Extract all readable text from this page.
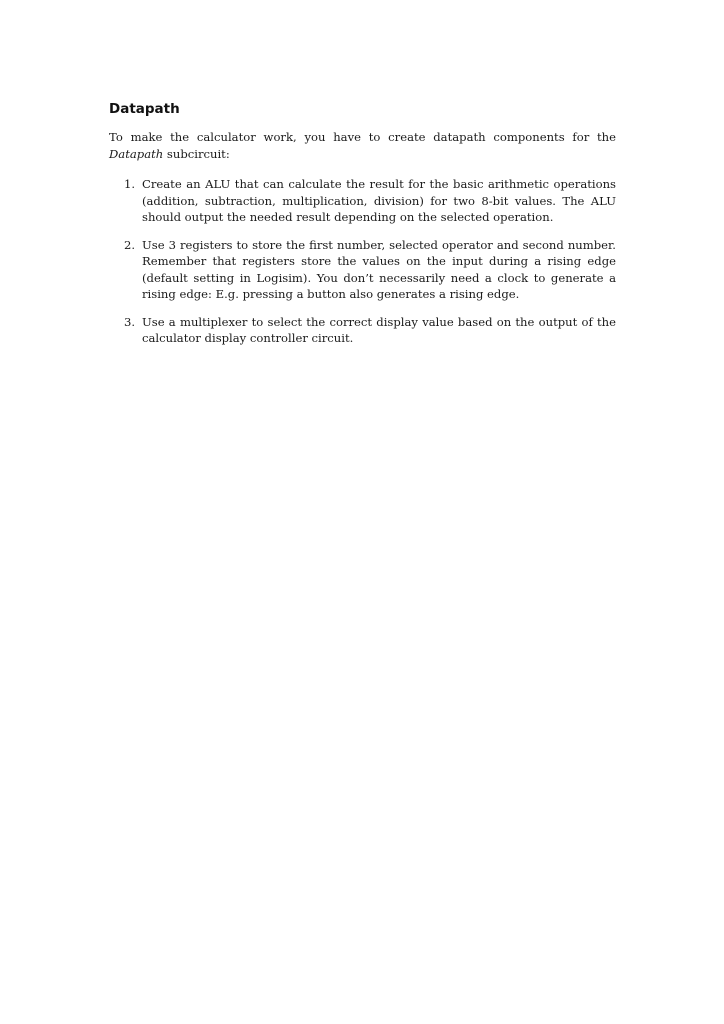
Datapath

To make the calculator work, you have to create datapath components for the Datapath subcircuit:

1. Create an ALU that can calculate the result for the basic arithmetic operations (addition, subtraction, multiplication, division) for two 8-bit values. The ALU should output the needed result depending on the selected operation.
2. Use 3 registers to store the first number, selected operator and second number. Remember that registers store the values on the input during a rising edge (default setting in Logisim). You don’t necessarily need a clock to generate a rising edge: E.g. pressing a button also generates a rising edge.
3. Use a multiplexer to select the correct display value based on the output of the calculator display controller circuit.
